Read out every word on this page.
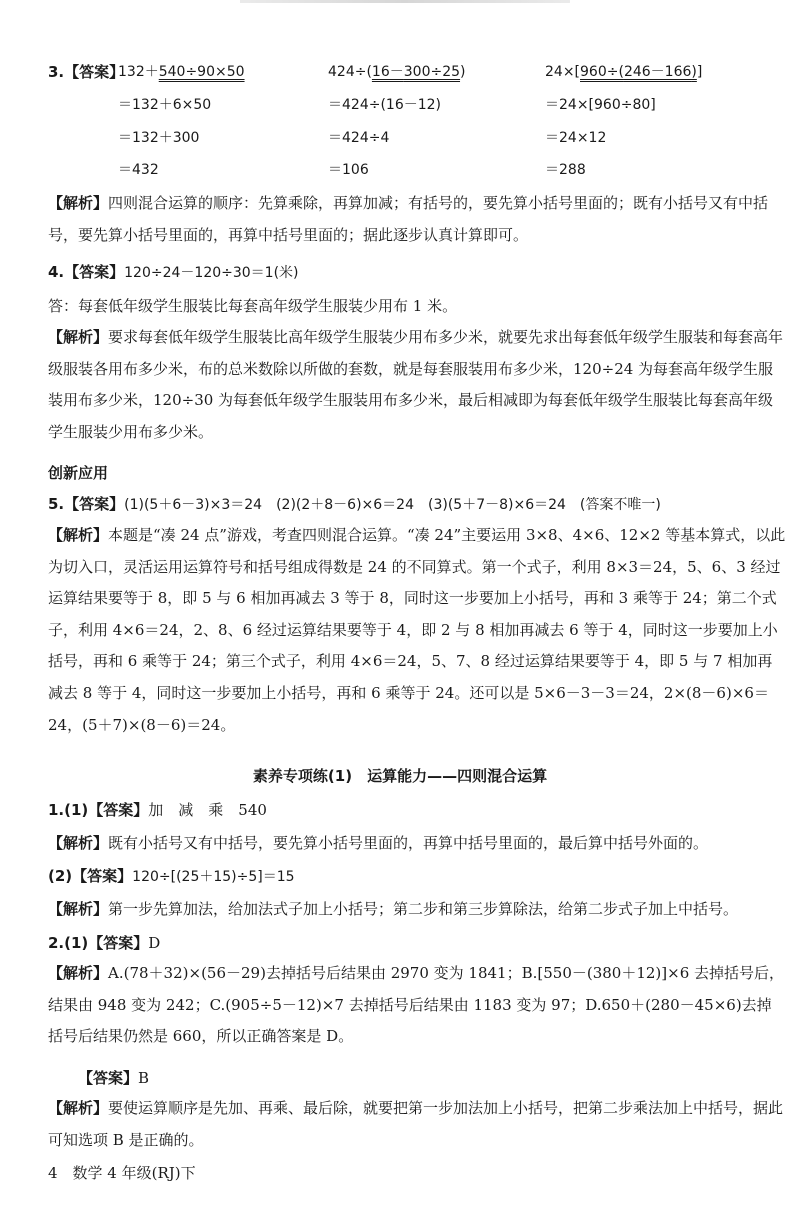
3.【答案】
132＋540÷90×50
＝132＋6×50
＝132＋300
＝432
424÷(16－300÷25)
＝424÷(16－12)
＝424÷4
＝106
24×[960÷(246－166)]
＝24×[960÷80]
＝24×12
＝288
【解析】四则混合运算的顺序：先算乘除，再算加减；有括号的，要先算小括号里面的；既有小括号又有中括号，要先算小括号里面的，再算中括号里面的；据此逐步认真计算即可。
4.【答案】120÷24－120÷30＝1(米)
答：每套低年级学生服装比每套高年级学生服装少用布 1 米。
【解析】要求每套低年级学生服装比高年级学生服装少用布多少米，就要先求出每套低年级学生服装和每套高年级服装各用布多少米，布的总米数除以所做的套数，就是每套服装用布多少米，120÷24 为每套高年级学生服装用布多少米，120÷30 为每套低年级学生服装用布多少米，最后相减即为每套低年级学生服装比每套高年级学生服装少用布多少米。
创新应用
5.【答案】(1)(5＋6－3)×3＝24　(2)(2＋8－6)×6＝24　(3)(5＋7－8)×6＝24　(答案不唯一)
【解析】本题是“凑 24 点”游戏，考查四则混合运算。“凑 24”主要运用 3×8、4×6、12×2 等基本算式，以此为切入口，灵活运用运算符号和括号组成得数是 24 的不同算式。第一个式子，利用 8×3＝24，5、6、3 经过运算结果要等于 8，即 5 与 6 相加再减去 3 等于 8，同时这一步要加上小括号，再和 3 乘等于 24；第二个式子，利用 4×6＝24，2、8、6 经过运算结果要等于 4，即 2 与 8 相加再减去 6 等于 4，同时这一步要加上小括号，再和 6 乘等于 24；第三个式子，利用 4×6＝24，5、7、8 经过运算结果要等于 4，即 5 与 7 相加再减去 8 等于 4，同时这一步要加上小括号，再和 6 乘等于 24。还可以是 5×6－3－3＝24，2×(8－6)×6＝24，(5＋7)×(8－6)＝24。
素养专项练(1)　运算能力——四则混合运算
1.(1)【答案】加　减　乘　540
【解析】既有小括号又有中括号，要先算小括号里面的，再算中括号里面的，最后算中括号外面的。
(2)【答案】120÷[(25＋15)÷5]＝15
【解析】第一步先算加法，给加法式子加上小括号；第二步和第三步算除法，给第二步式子加上中括号。
2.(1)【答案】D
【解析】A.(78＋32)×(56－29)去掉括号后结果由 2970 变为 1841；B.[550－(380＋12)]×6 去掉括号后，结果由 948 变为 242；C.(905÷5－12)×7 去掉括号后结果由 1183 变为 97；D.650＋(280－45×6)去掉括号后结果仍然是 660，所以正确答案是 D。
【答案】B
【解析】要使运算顺序是先加、再乘、最后除，就要把第一步加法加上小括号，把第二步乘法加上中括号，据此可知选项 B 是正确的。
4　数学 4 年级(RJ)下
